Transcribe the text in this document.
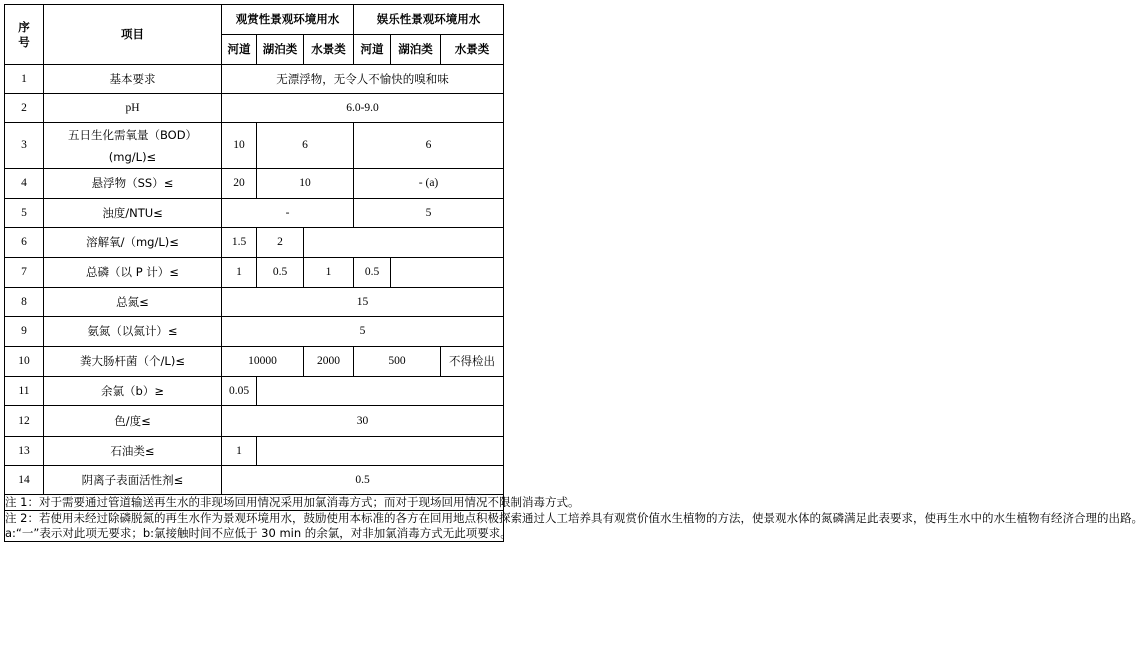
序
号	项目	观赏性景观环境用水			娱乐性景观环境用水		
		河道	湖泊类	水景类	河道	湖泊类	水景类
1	基本要求	无漂浮物，无令人不愉快的嗅和味					
2	pH	6.0-9.0					
3	五日生化需氧量（BOD）
(mg/L)≤	10	6		6		
4	悬浮物（SS）≤	20	10		- (a)		
5	浊度/NTU≤	-			5		
6	溶解氧/（mg/L)≤	1.5	2				
7	总磷（以 P 计）≤	1	0.5	1	0.5		
8	总氮≤	15					
9	氨氮（以氮计）≤	5					
10	粪大肠杆菌（个/L)≤	10000		2000	500		不得检出
11	余氯（b）≥	0.05					
12	色/度≤	30					
13	石油类≤	1					
14	阴离子表面活性剂≤	0.5					
注 1：对于需要通过管道输送再生水的非现场回用情况采用加氯消毒方式；而对于现场回用情况不限制消毒方式。							
注 2：若使用未经过除磷脱氮的再生水作为景观环境用水，鼓励使用本标准的各方在回用地点积极探索通过人工培养具有观赏价值水生植物的方法，使景观水体的氮磷满足此表要求，使再生水中的水生植物有经济合理的出路。
a:“一”表示对此项无要求；b:氯接触时间不应低于 30 min 的余氯，对非加氯消毒方式无此项要求。							
